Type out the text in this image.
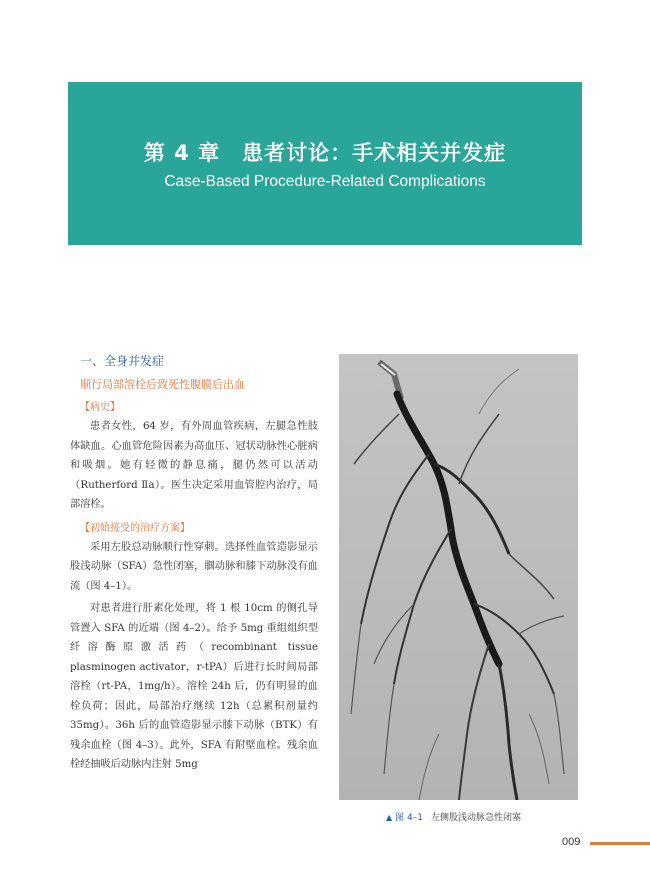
第 4 章 患者讨论：手术相关并发症
Case-Based Procedure-Related Complications
一、全身并发症
顺行局部溶栓后致死性腹膜后出血
【病史】

患者女性，64 岁，有外周血管疾病，左腿急性肢体缺血。心血管危险因素为高血压、冠状动脉性心脏病和吸烟。她有轻微的静息痛，腿仍然可以活动（Rutherford Ⅱa）。医生决定采用血管腔内治疗，局部溶栓。

【初始接受的治疗方案】

采用左股总动脉顺行性穿刺。选择性血管造影显示股浅动脉（SFA）急性闭塞，腘动脉和膝下动脉没有血流（图 4–1）。

对患者进行肝素化处理，将 1 根 10cm 的侧孔导管置入 SFA 的近端（图 4–2）。给予 5mg 重组组织型纤溶酶原激活药（recombinant tissue plasminogen activator，r-tPA）后进行长时间局部溶栓（rt-PA，1mg/h）。溶栓 24h 后，仍有明显的血栓负荷；因此，局部治疗继续 12h（总累积剂量约 35mg）。36h 后的血管造影显示膝下动脉（BTK）有残余血栓（图 4–3）。此外，SFA 有附壁血栓。残余血栓经抽吸后动脉内注射 5mg

▲ 图 4–1 左侧股浅动脉急性闭塞
009
